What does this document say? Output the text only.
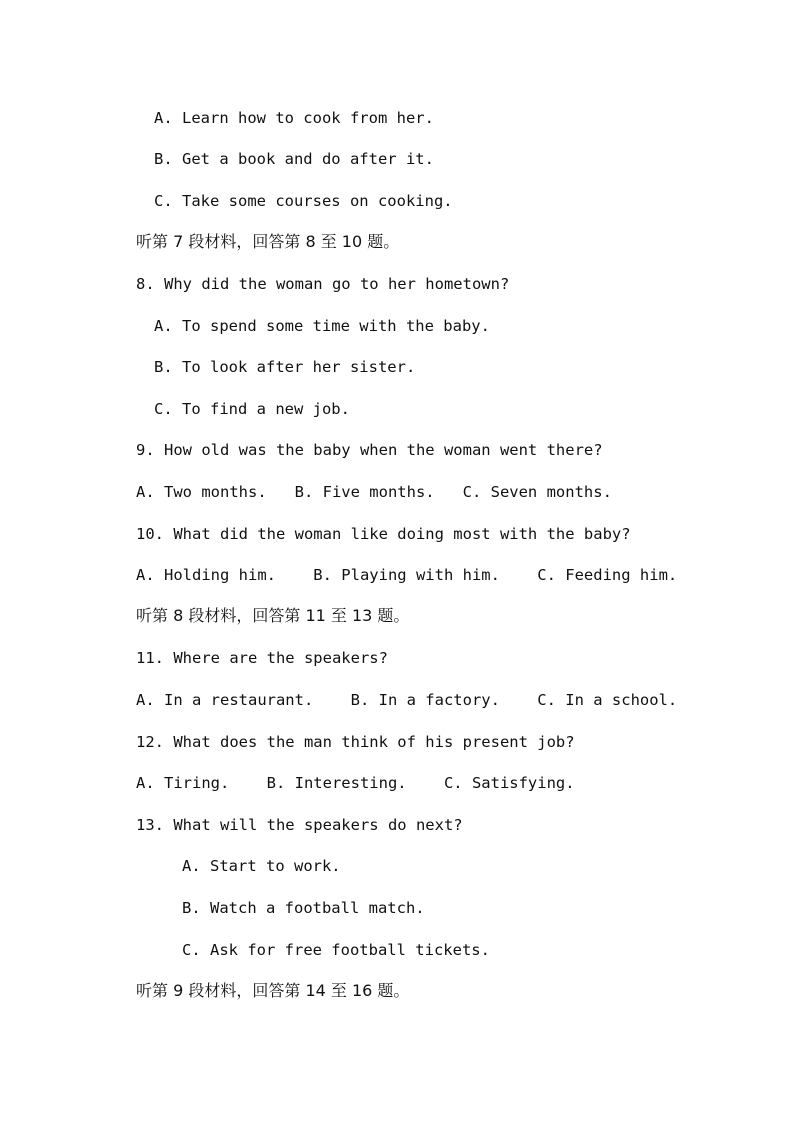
A. Learn how to cook from her.
B. Get a book and do after it.
C. Take some courses on cooking.
听第 7 段材料，回答第 8 至 10 题。
8. Why did the woman go to her hometown?
A. To spend some time with the baby.
B. To look after her sister.
C. To find a new job.
9. How old was the baby when the woman went there?
A. Two months.   B. Five months.   C. Seven months.
10. What did the woman like doing most with the baby?
A. Holding him.    B. Playing with him.    C. Feeding him.
听第 8 段材料，回答第 11 至 13 题。
11. Where are the speakers?
A. In a restaurant.    B. In a factory.    C. In a school.
12. What does the man think of his present job?
A. Tiring.    B. Interesting.    C. Satisfying.
13. What will the speakers do next?
A. Start to work.
B. Watch a football match.
C. Ask for free football tickets.
听第 9 段材料，回答第 14 至 16 题。
